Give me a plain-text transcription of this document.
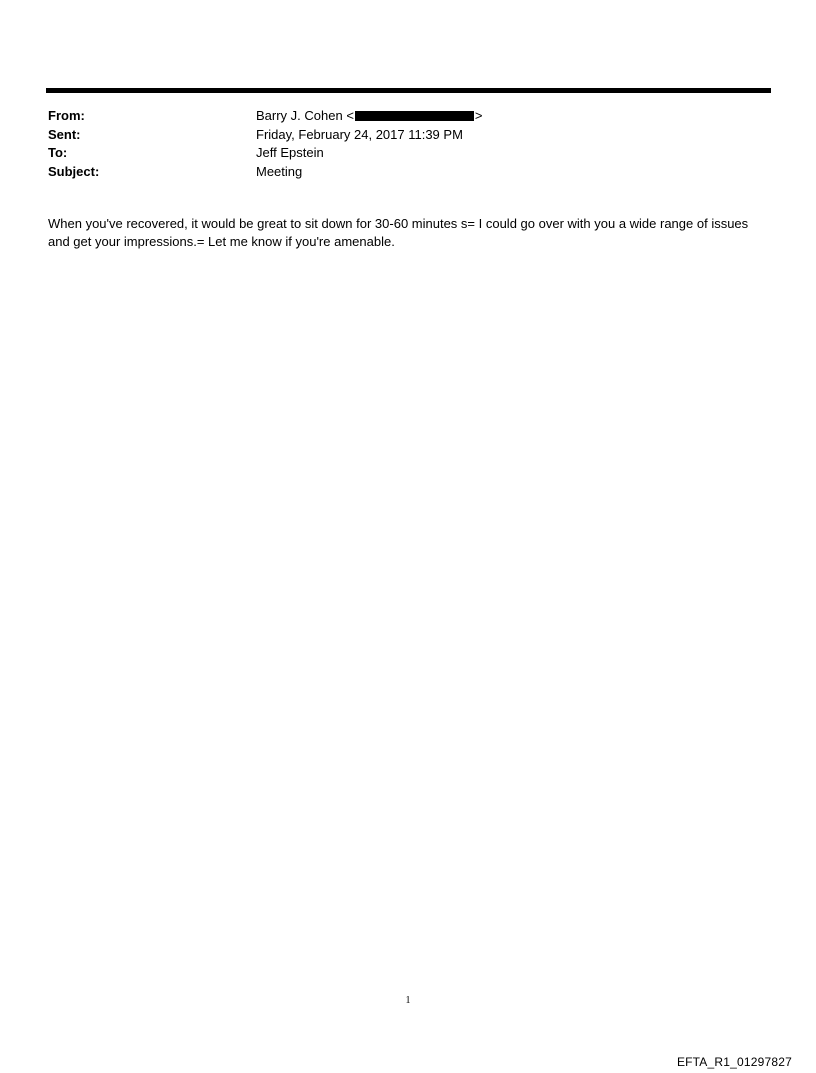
From:	Barry J. Cohen <	>
Sent:	Friday, February 24, 2017 11:39 PM
To:	Jeff Epstein
Subject:	Meeting

When you've recovered, it would be great to sit down for 30-60 minutes s= I could go over with you a wide range of issues and get your impressions.= Let me know if you're amenable.

1
EFTA_R1_01297827
